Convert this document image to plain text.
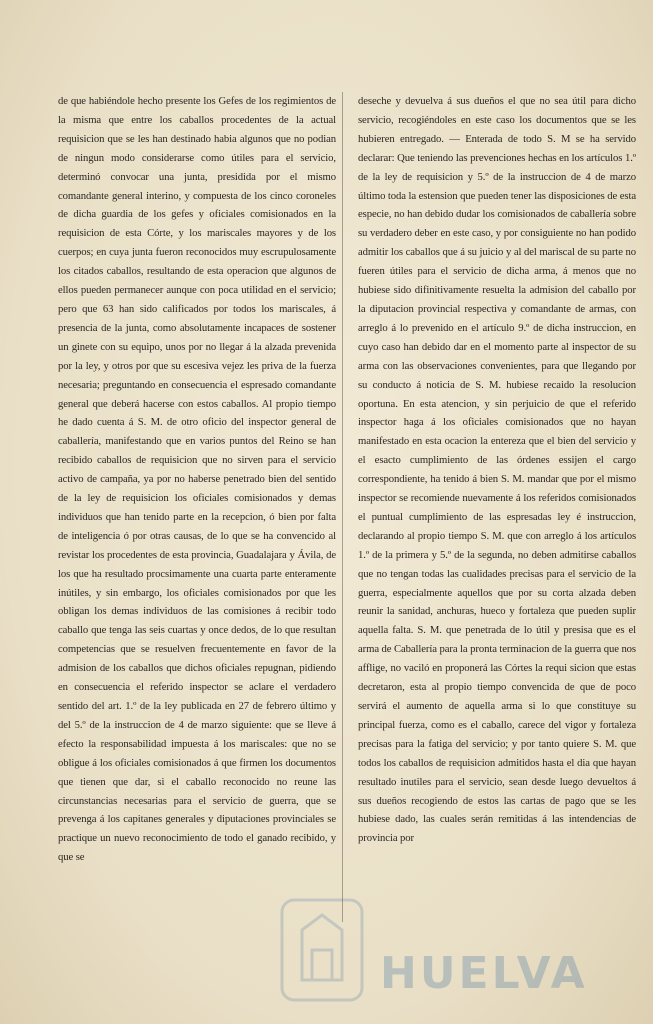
de que habiéndole hecho presente los Gefes de los regimientos de la misma que entre los caballos procedentes de la actual requisicion que se les han destinado habia algunos que no podian de ningun modo considerarse como útiles para el servicio, determinó convocar una junta, presidida por el mismo comandante general interino, y compuesta de los cinco coroneles de dicha guardia de los gefes y oficiales comisionados en la requisicion de esta Córte, y los mariscales mayores y de los cuerpos; en cuya junta fueron reconocidos muy escrupulosamente los citados caballos, resultando de esta operacion que algunos de ellos pueden permanecer aunque con poca utilidad en el servicio; pero que 63 han sido calificados por todos los mariscales, á presencia de la junta, como absolutamente incapaces de sostener un ginete con su equipo, unos por no llegar á la alzada prevenida por la ley, y otros por que su escesiva vejez les priva de la fuerza necesaria; preguntando en consecuencia el espresado comandante general que deberá hacerse con estos caballos. Al propio tiempo he dado cuenta á S. M. de otro oficio del inspector general de caballería, manifestando que en varios puntos del Reino se han recibido caballos de requisicion que no sirven para el servicio activo de campaña, ya por no haberse penetrado bien del sentido de la ley de requisicion los oficiales comisionados y demas individuos que han tenido parte en la recepcion, ó bien por falta de inteligencia ó por otras causas, de lo que se ha convencido al revistar los procedentes de esta provincia, Guadalajara y Ávila, de los que ha resultado procsimamente una cuarta parte enteramente inútiles, y sin embargo, los oficiales comisionados por que les obligan los demas individuos de las comisiones á recibir todo caballo que tenga las seis cuartas y once dedos, de lo que resultan competencias que se resuelven frecuentemente en favor de la admision de los caballos que dichos oficiales repugnan, pidiendo en consecuencia el referido inspector se aclare el verdadero sentido del art. 1.º de la ley publicada en 27 de febrero último y del 5.º de la instruccion de 4 de marzo siguiente: que se lleve á efecto la responsabilidad impuesta á los mariscales: que no se obligue á los oficiales comisionados á que firmen los documentos que tienen que dar, si el caballo reconocido no reune las circunstancias necesarias para el servicio de guerra, que se prevenga á los capitanes generales y diputaciones provinciales se practique un nuevo reconocimiento de todo el ganado recibido, y que se

deseche y devuelva á sus dueños el que no sea útil para dicho servicio, recogiéndoles en este caso los documentos que se les hubieren entregado. — Enterada de todo S. M se ha servido declarar: Que teniendo las prevenciones hechas en los artículos 1.º de la ley de requisicion y 5.º de la instruccion de 4 de marzo último toda la estension que pueden tener las disposiciones de esta especie, no han debido dudar los comisionados de caballería sobre su verdadero deber en este caso, y por consiguiente no han podido admitir los caballos que á su juicio y al del mariscal de su parte no fueren útiles para el servicio de dicha arma, á menos que no hubiese sido difinitivamente resuelta la admision del caballo por la diputacion provincial respectiva y comandante de armas, con arreglo á lo prevenido en el artículo 9.º de dicha instruccion, en cuyo caso han debido dar en el momento parte al inspector de su arma con las observaciones convenientes, para que llegando por su conducto á noticia de S. M. hubiese recaido la resolucion oportuna. En esta atencion, y sin perjuicio de que el referido inspector haga á los oficiales comisionados que no hayan manifestado en esta ocacion la entereza que el bien del servicio y el esacto cumplimiento de las órdenes essijen el cargo correspondiente, ha tenido á bien S. M. mandar que por el mismo inspector se recomiende nuevamente á los referidos comisionados el puntual cumplimiento de las espresadas ley é instruccion, declarando al propio tiempo S. M. que con arreglo á los artículos 1.º de la primera y 5.º de la segunda, no deben admitirse caballos que no tengan todas las cualidades precisas para el servicio de la guerra, especialmente aquellos que por su corta alzada deben reunir la sanidad, anchuras, hueco y fortaleza que pueden suplir aquella falta. S. M. que penetrada de lo útil y presisa que es el arma de Caballería para la pronta terminacion de la guerra que nos afflige, no vaciló en proponerá las Córtes la requi sicion que estas decretaron, esta al propio tiempo convencida de que de poco servirá el aumento de aquella arma si lo que constituye su principal fuerza, como es el caballo, carece del vigor y fortaleza precisas para la fatiga del servicio; y por tanto quiere S. M. que todos los caballos de requisicion admitidos hasta el dia que hayan resultado inutiles para el servicio, sean desde luego devueltos á sus dueños recogiendo de estos las cartas de pago que se les hubiese dado, las cuales serán remitidas á las intendencias de provincia por

HUELVA
